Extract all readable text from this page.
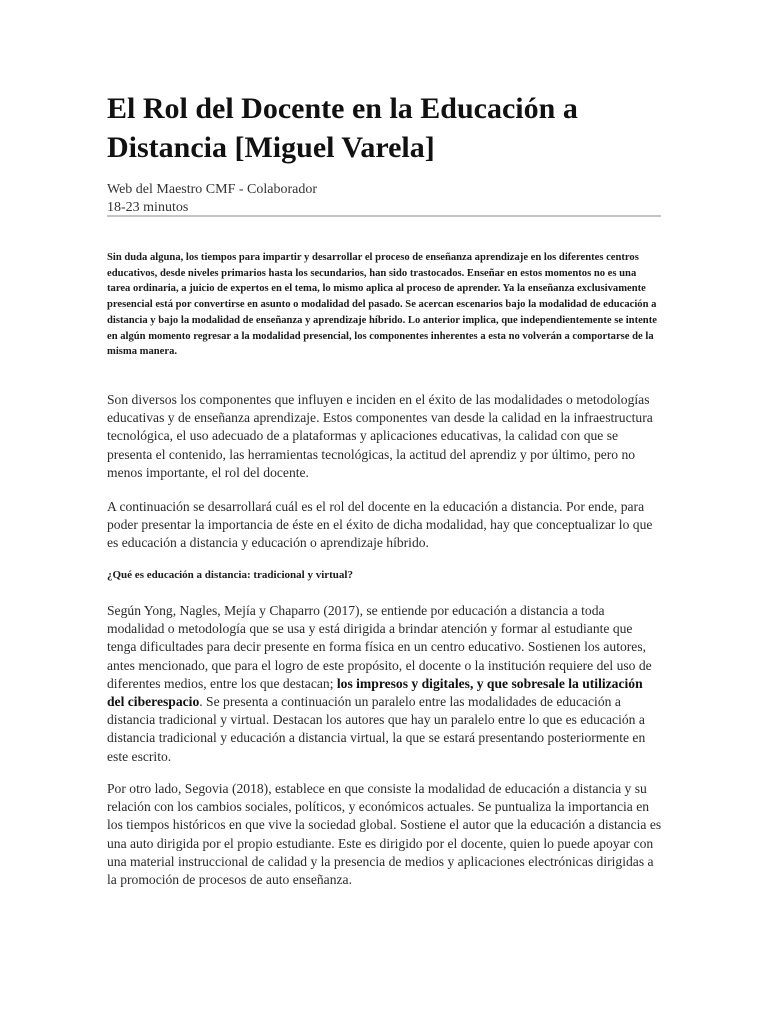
El Rol del Docente en la Educación a Distancia [Miguel Varela]
Web del Maestro CMF - Colaborador
18-23 minutos

Sin duda alguna, los tiempos para impartir y desarrollar el proceso de enseñanza aprendizaje en los diferentes centros educativos, desde niveles primarios hasta los secundarios, han sido trastocados. Enseñar en estos momentos no es una tarea ordinaria, a juicio de expertos en el tema, lo mismo aplica al proceso de aprender. Ya la enseñanza exclusivamente presencial está por convertirse en asunto o modalidad del pasado. Se acercan escenarios bajo la modalidad de educación a distancia y bajo la modalidad de enseñanza y aprendizaje híbrido. Lo anterior implica, que independientemente se intente en algún momento regresar a la modalidad presencial, los componentes inherentes a esta no volverán a comportarse de la misma manera.

Son diversos los componentes que influyen e inciden en el éxito de las modalidades o metodologías educativas y de enseñanza aprendizaje. Estos componentes van desde la calidad en la infraestructura tecnológica, el uso adecuado de a plataformas y aplicaciones educativas, la calidad con que se presenta el contenido, las herramientas tecnológicas, la actitud del aprendiz y por último, pero no menos importante, el rol del docente.

A continuación se desarrollará cuál es el rol del docente en la educación a distancia. Por ende, para poder presentar la importancia de éste en el éxito de dicha modalidad, hay que conceptualizar lo que es educación a distancia y educación o aprendizaje híbrido.

¿Qué es educación a distancia: tradicional y virtual?

Según Yong, Nagles, Mejía y Chaparro (2017), se entiende por educación a distancia a toda modalidad o metodología que se usa y está dirigida a brindar atención y formar al estudiante que tenga dificultades para decir presente en forma física en un centro educativo. Sostienen los autores, antes mencionado, que para el logro de este propósito, el docente o la institución requiere del uso de diferentes medios, entre los que destacan; los impresos y digitales, y que sobresale la utilización del ciberespacio. Se presenta a continuación un paralelo entre las modalidades de educación a distancia tradicional y virtual. Destacan los autores que hay un paralelo entre lo que es educación a distancia tradicional y educación a distancia virtual, la que se estará presentando posteriormente en este escrito.

Por otro lado, Segovia (2018), establece en que consiste la modalidad de educación a distancia y su relación con los cambios sociales, políticos, y económicos actuales. Se puntualiza la importancia en los tiempos históricos en que vive la sociedad global. Sostiene el autor que la educación a distancia es una auto dirigida por el propio estudiante. Este es dirigido por el docente, quien lo puede apoyar con una material instruccional de calidad y la presencia de medios y aplicaciones electrónicas dirigidas a la promoción de procesos de auto enseñanza.
